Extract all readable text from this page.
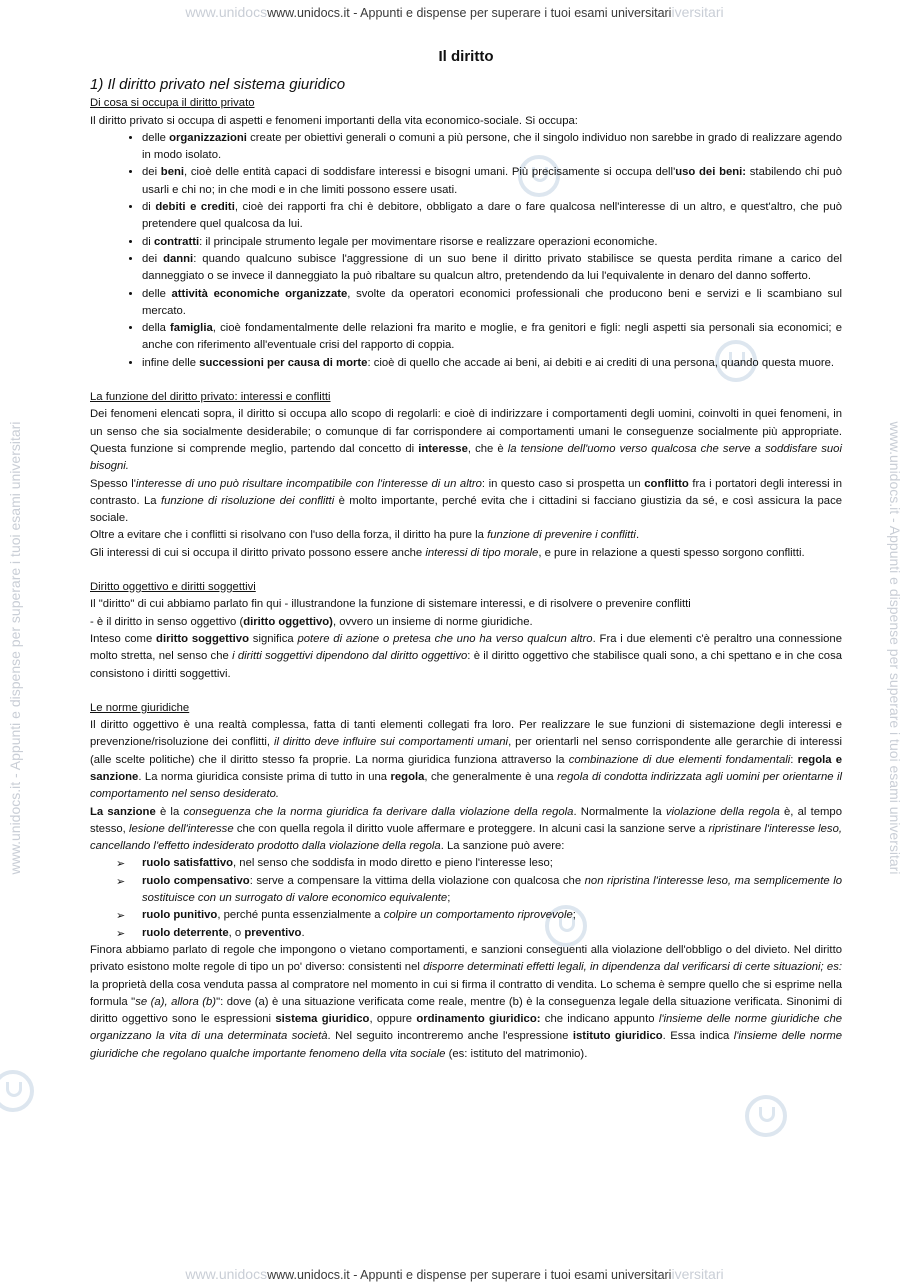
www.unidocswww.unidocs.it - Appunti e dispense per superare i tuoi esami universitariiversitari
www.unidocswww.unidocs.it - Appunti e dispense per superare i tuoi esami universitariiversitari
www.unidocs.it - Appunti e dispense per superare i tuoi esami universitari	www.unidocs.it - Appunti e dispense per superare i tuoi esami universitari
Il diritto

1) Il diritto privato nel sistema giuridico

Di cosa si occupa il diritto privato

Il diritto privato si occupa di aspetti e fenomeni importanti della vita economico-sociale. Si occupa:

• delle organizzazioni create per obiettivi generali o comuni a più persone, che il singolo individuo non sarebbe in grado di realizzare agendo in modo isolato.
• dei beni, cioè delle entità capaci di soddisfare interessi e bisogni umani. Più precisamente si occupa dell'uso dei beni: stabilendo chi può usarli e chi no; in che modi e in che limiti possono essere usati.
• di debiti e crediti, cioè dei rapporti fra chi è debitore, obbligato a dare o fare qualcosa nell'interesse di un altro, e quest'altro, che può pretendere quel qualcosa da lui.
• di contratti: il principale strumento legale per movimentare risorse e realizzare operazioni economiche.
• dei danni: quando qualcuno subisce l'aggressione di un suo bene il diritto privato stabilisce se questa perdita rimane a carico del danneggiato o se invece il danneggiato la può ribaltare su qualcun altro, pretendendo da lui l'equivalente in denaro del danno sofferto.
• delle attività economiche organizzate, svolte da operatori economici professionali che producono beni e servizi e li scambiano sul mercato.
• della famiglia, cioè fondamentalmente delle relazioni fra marito e moglie, e fra genitori e figli: negli aspetti sia personali sia economici; e anche con riferimento all'eventuale crisi del rapporto di coppia.
• infine delle successioni per causa di morte: cioè di quello che accade ai beni, ai debiti e ai crediti di una persona, quando questa muore.

La funzione del diritto privato: interessi e conflitti

Dei fenomeni elencati sopra, il diritto si occupa allo scopo di regolarli: e cioè di indirizzare i comportamenti degli uomini, coinvolti in quei fenomeni, in un senso che sia socialmente desiderabile; o comunque di far corrispondere ai comportamenti umani le conseguenze socialmente più appropriate. Questa funzione si comprende meglio, partendo dal concetto di interesse, che è la tensione dell'uomo verso qualcosa che serve a soddisfare suoi bisogni.

Spesso l'interesse di uno può risultare incompatibile con l'interesse di un altro: in questo caso si prospetta un conflitto fra i portatori degli interessi in contrasto. La funzione di risoluzione dei conflitti è molto importante, perché evita che i cittadini si facciano giustizia da sé, e così assicura la pace sociale.

Oltre a evitare che i conflitti si risolvano con l'uso della forza, il diritto ha pure la funzione di prevenire i conflitti.

Gli interessi di cui si occupa il diritto privato possono essere anche interessi di tipo morale, e pure in relazione a questi spesso sorgono conflitti.

Diritto oggettivo e diritti soggettivi

Il "diritto" di cui abbiamo parlato fin qui - illustrandone la funzione di sistemare interessi, e di risolvere o prevenire conflitti
- è il diritto in senso oggettivo (diritto oggettivo), ovvero un insieme di norme giuridiche.

Inteso come diritto soggettivo significa potere di azione o pretesa che uno ha verso qualcun altro. Fra i due elementi c'è peraltro una connessione molto stretta, nel senso che i diritti soggettivi dipendono dal diritto oggettivo: è il diritto oggettivo che stabilisce quali sono, a chi spettano e in che cosa consistono i diritti soggettivi.

Le norme giuridiche

Il diritto oggettivo è una realtà complessa, fatta di tanti elementi collegati fra loro. Per realizzare le sue funzioni di sistemazione degli interessi e prevenzione/risoluzione dei conflitti, il diritto deve influire sui comportamenti umani, per orientarli nel senso corrispondente alle gerarchie di interessi (alle scelte politiche) che il diritto stesso fa proprie. La norma giuridica funziona attraverso la combinazione di due elementi fondamentali: regola e sanzione. La norma giuridica consiste prima di tutto in una regola, che generalmente è una regola di condotta indirizzata agli uomini per orientarne il comportamento nel senso desiderato.

La sanzione è la conseguenza che la norma giuridica fa derivare dalla violazione della regola. Normalmente la violazione della regola è, al tempo stesso, lesione dell'interesse che con quella regola il diritto vuole affermare e proteggere. In alcuni casi la sanzione serve a ripristinare l'interesse leso, cancellando l'effetto indesiderato prodotto dalla violazione della regola. La sanzione può avere:

➢ ruolo satisfattivo, nel senso che soddisfa in modo diretto e pieno l'interesse leso;
➢ ruolo compensativo: serve a compensare la vittima della violazione con qualcosa che non ripristina l'interesse leso, ma semplicemente lo sostituisce con un surrogato di valore economico equivalente;
➢ ruolo punitivo, perché punta essenzialmente a colpire un comportamento riprovevole;
➢ ruolo deterrente, o preventivo.

Finora abbiamo parlato di regole che impongono o vietano comportamenti, e sanzioni conseguenti alla violazione dell'obbligo o del divieto. Nel diritto privato esistono molte regole di tipo un po' diverso: consistenti nel disporre determinati effetti legali, in dipendenza dal verificarsi di certe situazioni; es: la proprietà della cosa venduta passa al compratore nel momento in cui si firma il contratto di vendita. Lo schema è sempre quello che si esprime nella formula "se (a), allora (b)": dove (a) è una situazione verificata come reale, mentre (b) è la conseguenza legale della situazione verificata. Sinonimi di diritto oggettivo sono le espressioni sistema giuridico, oppure ordinamento giuridico: che indicano appunto l'insieme delle norme giuridiche che organizzano la vita di una determinata società. Nel seguito incontreremo anche l'espressione istituto giuridico. Essa indica l'insieme delle norme giuridiche che regolano qualche importante fenomeno della vita sociale (es: istituto del matrimonio).
